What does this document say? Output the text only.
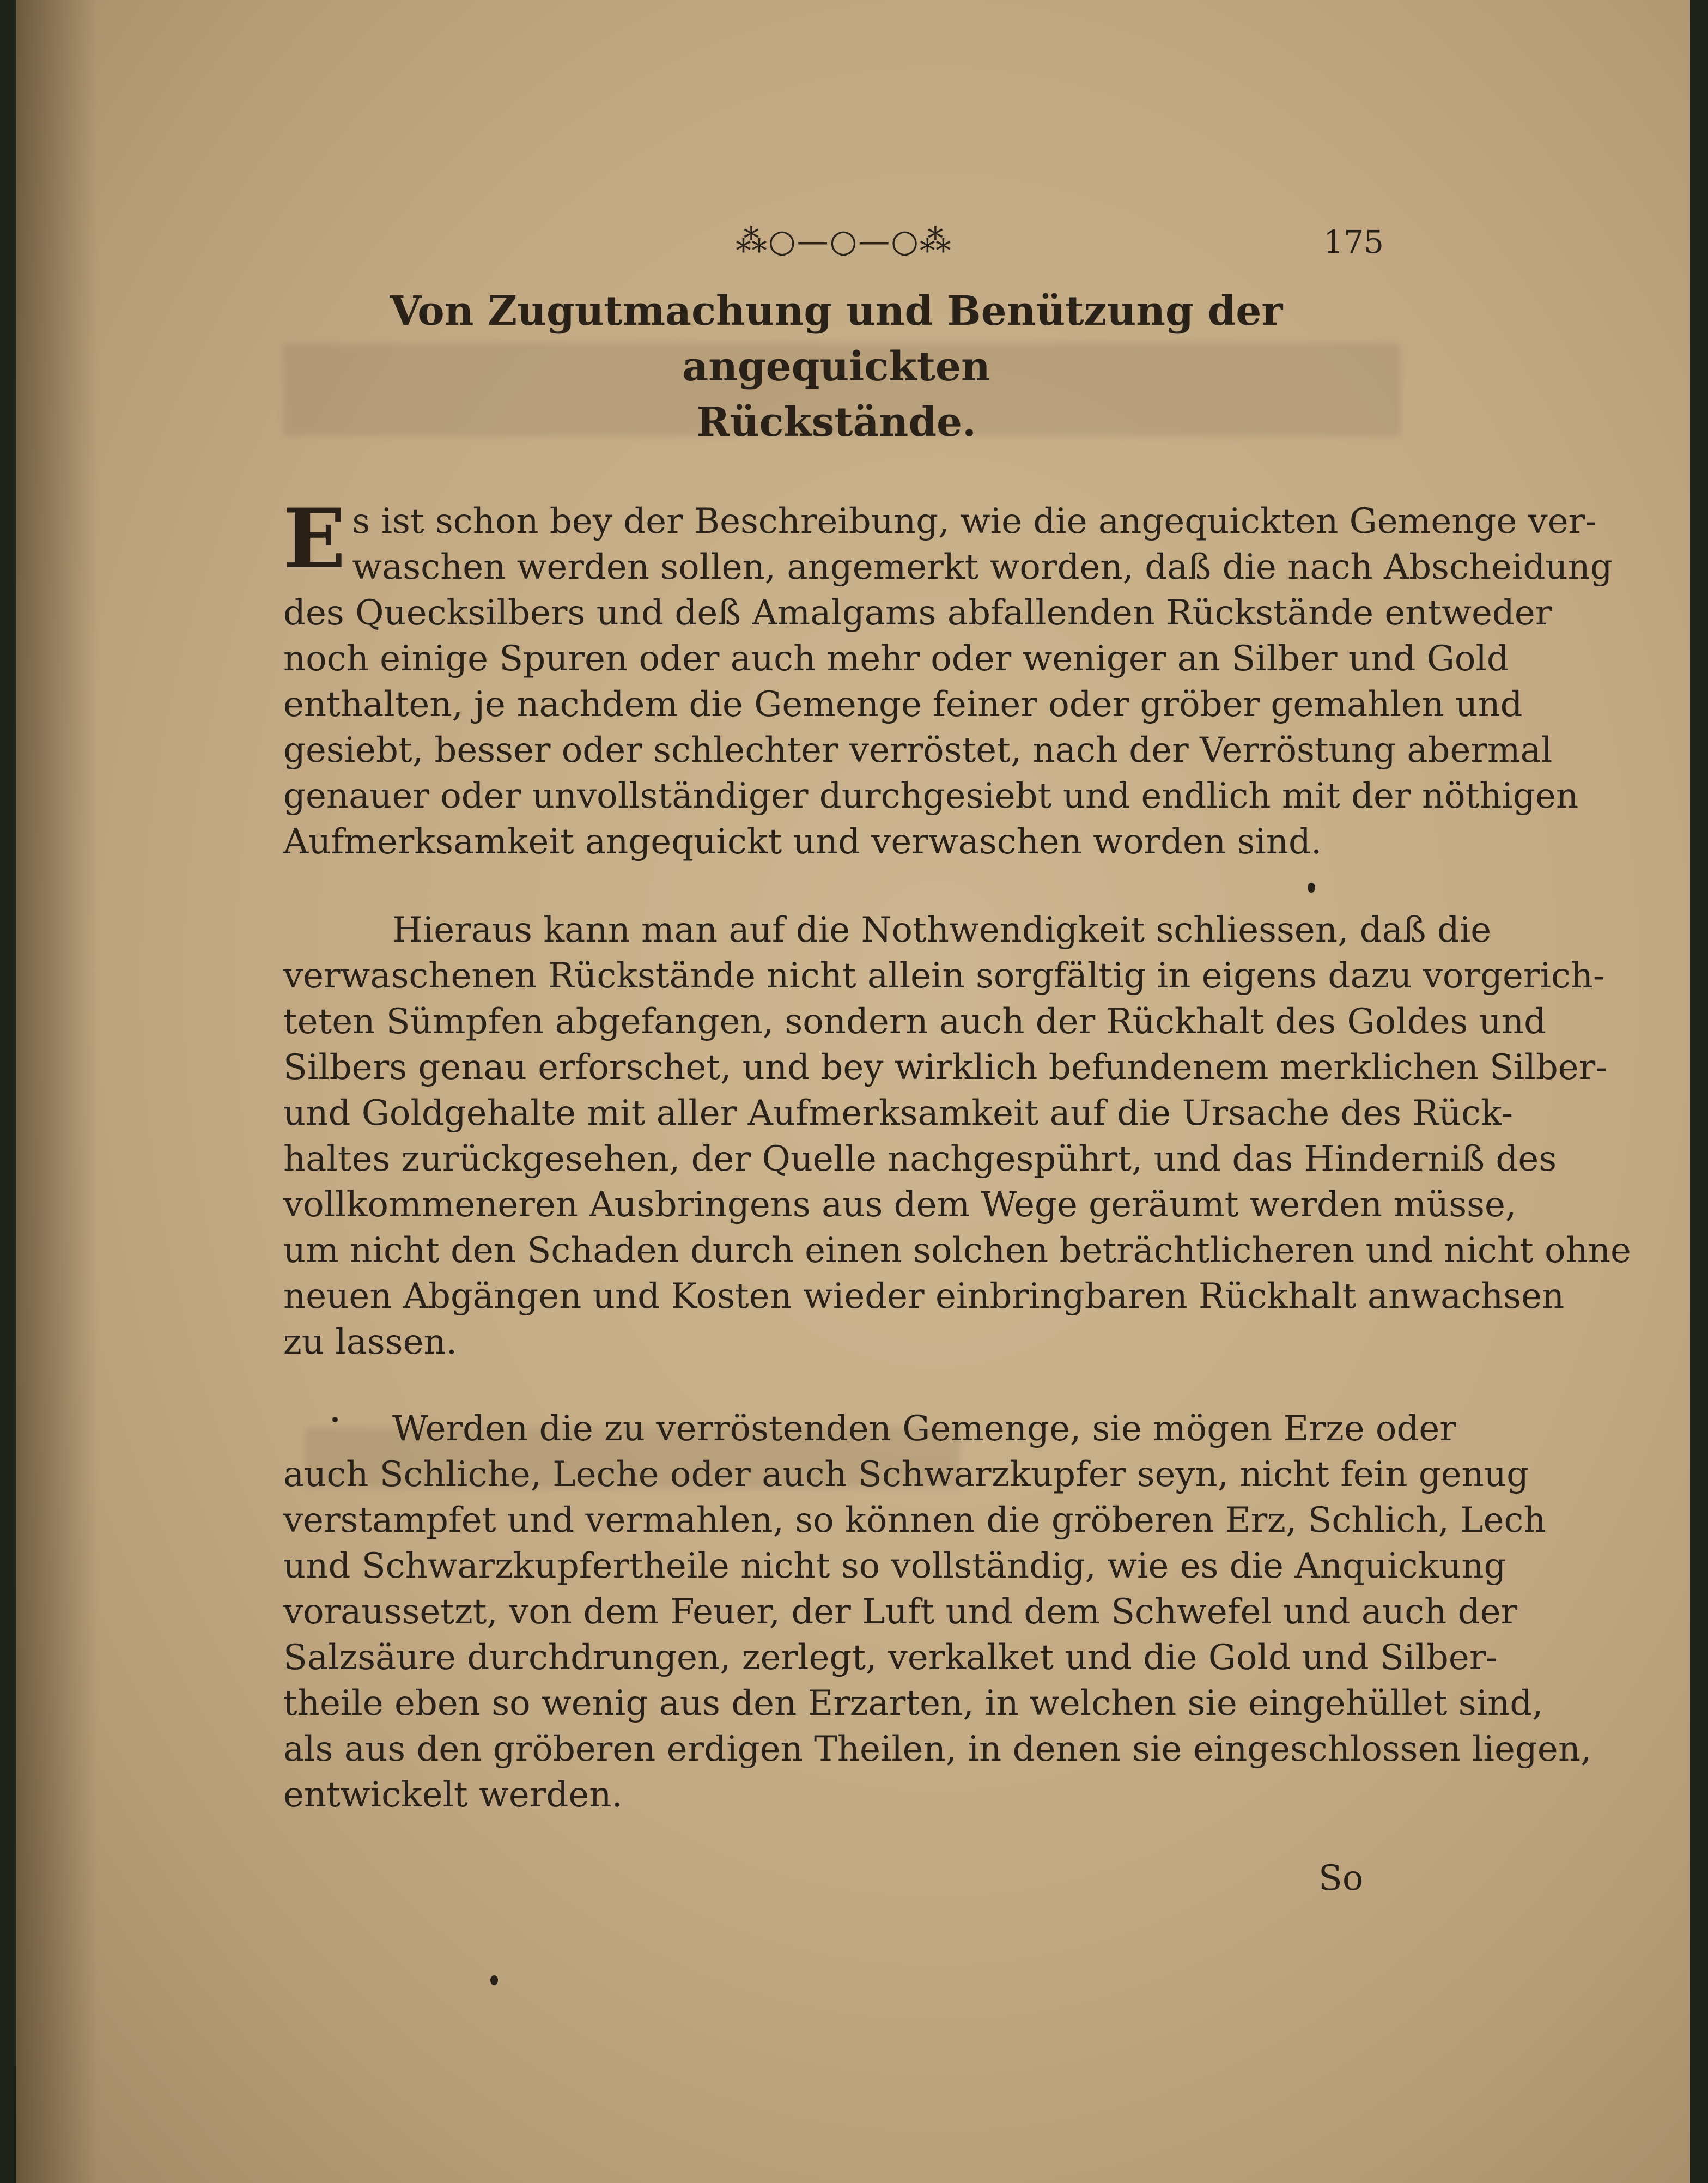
⁂○—○—○⁂	175
Von Zugutmachung und Benützung der angequickten
Rückstände.
E s ist schon bey der Beschreibung, wie die angequickten Gemenge ver-
waschen werden sollen, angemerkt worden, daß die nach Abscheidung
des Quecksilbers und deß Amalgams abfallenden Rückstände entweder
noch einige Spuren oder auch mehr oder weniger an Silber und Gold
enthalten, je nachdem die Gemenge feiner oder gröber gemahlen und
gesiebt, besser oder schlechter verröstet, nach der Verröstung abermal
genauer oder unvollständiger durchgesiebt und endlich mit der nöthigen
Aufmerksamkeit angequickt und verwaschen worden sind.
Hieraus kann man auf die Nothwendigkeit schliessen, daß die
verwaschenen Rückstände nicht allein sorgfältig in eigens dazu vorgerich-
teten Sümpfen abgefangen, sondern auch der Rückhalt des Goldes und
Silbers genau erforschet, und bey wirklich befundenem merklichen Silber-
und Goldgehalte mit aller Aufmerksamkeit auf die Ursache des Rück-
haltes zurückgesehen, der Quelle nachgespührt, und das Hinderniß des
vollkommeneren Ausbringens aus dem Wege geräumt werden müsse,
um nicht den Schaden durch einen solchen beträchtlicheren und nicht ohne
neuen Abgängen und Kosten wieder einbringbaren Rückhalt anwachsen
zu lassen.
Werden die zu verröstenden Gemenge, sie mögen Erze oder
auch Schliche, Leche oder auch Schwarzkupfer seyn, nicht fein genug
verstampfet und vermahlen, so können die gröberen Erz, Schlich, Lech
und Schwarzkupfertheile nicht so vollständig, wie es die Anquickung
voraussetzt, von dem Feuer, der Luft und dem Schwefel und auch der
Salzsäure durchdrungen, zerlegt, verkalket und die Gold und Silber-
theile eben so wenig aus den Erzarten, in welchen sie eingehüllet sind,
als aus den gröberen erdigen Theilen, in denen sie eingeschlossen liegen,
entwickelt werden.
So
